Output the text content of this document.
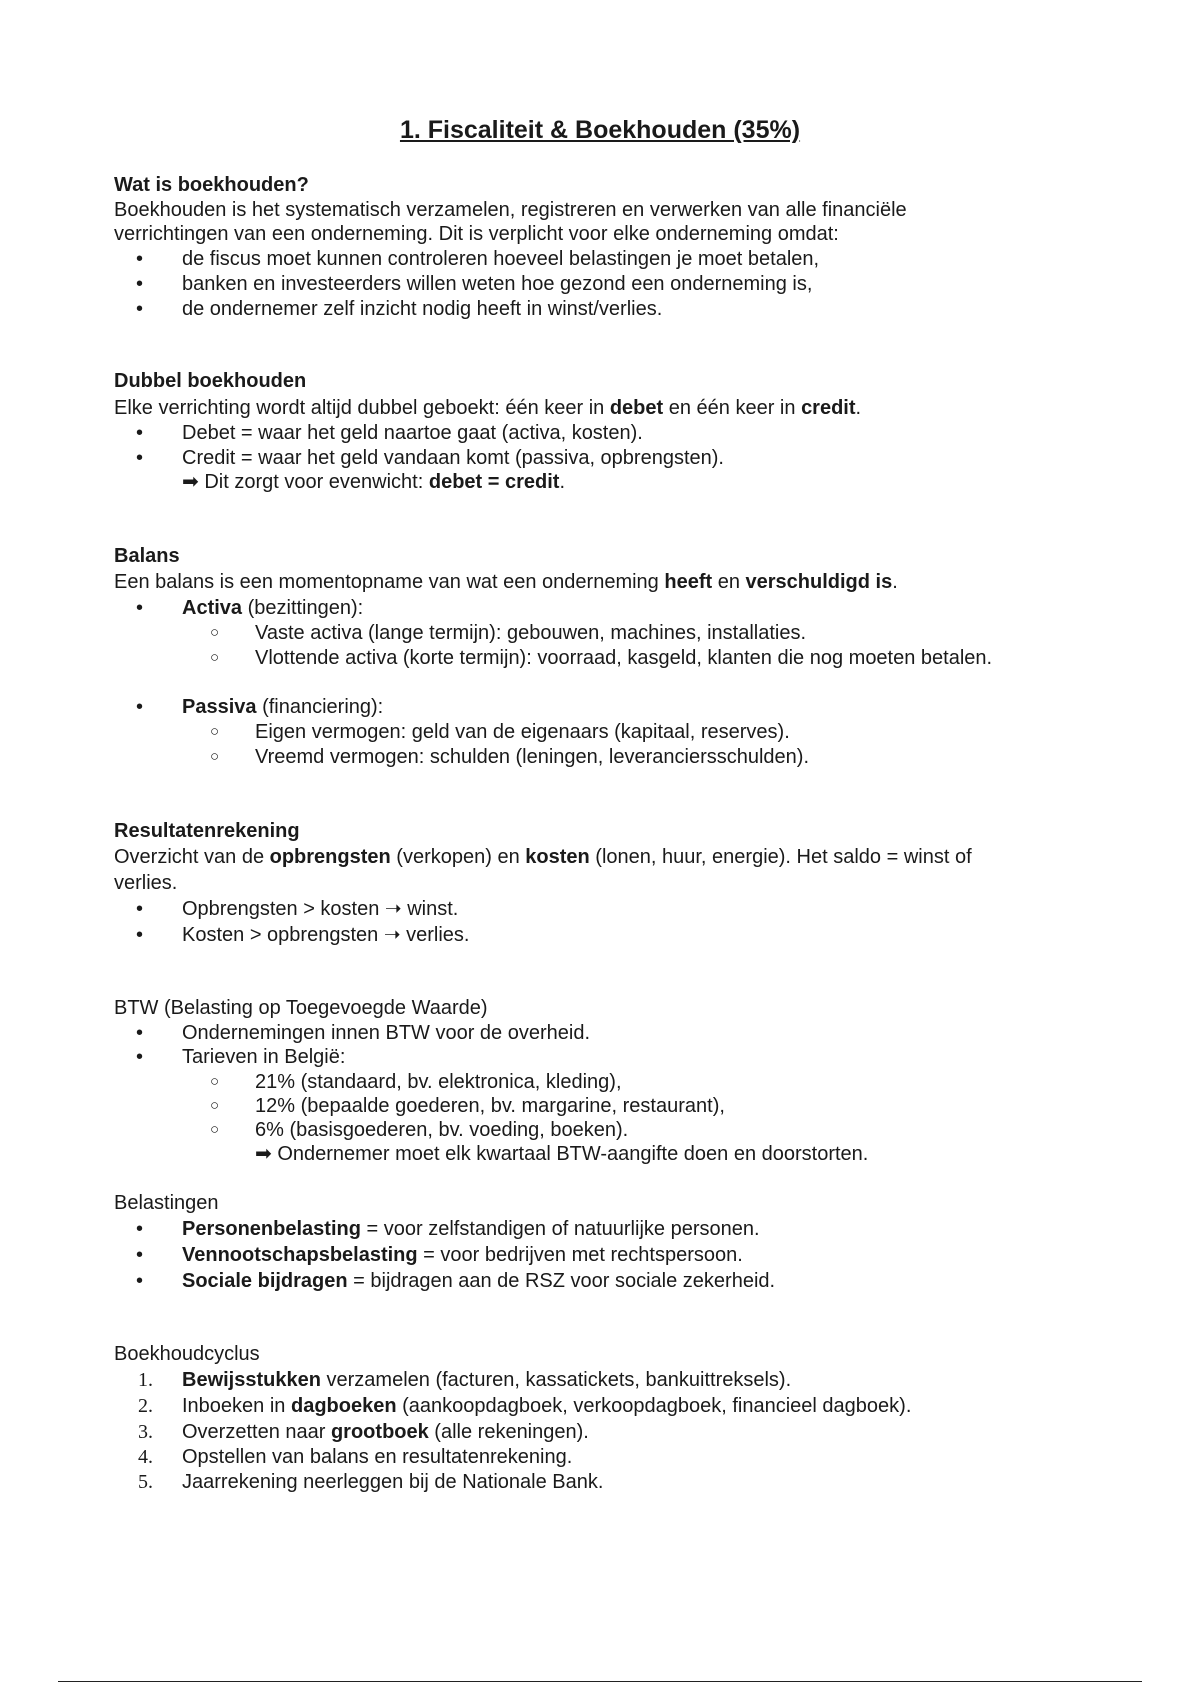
1. Fiscaliteit & Boekhouden (35%)
Wat is boekhouden?
Boekhouden is het systematisch verzamelen, registreren en verwerken van alle financiële
verrichtingen van een onderneming. Dit is verplicht voor elke onderneming omdat:
• de fiscus moet kunnen controleren hoeveel belastingen je moet betalen,
• banken en investeerders willen weten hoe gezond een onderneming is,
• de ondernemer zelf inzicht nodig heeft in winst/verlies.
Dubbel boekhouden
Elke verrichting wordt altijd dubbel geboekt: één keer in debet en één keer in credit.
• Debet = waar het geld naartoe gaat (activa, kosten).
• Credit = waar het geld vandaan komt (passiva, opbrengsten).
➡ Dit zorgt voor evenwicht: debet = credit.
Balans
Een balans is een momentopname van wat een onderneming heeft en verschuldigd is.
• Activa (bezittingen):
○ Vaste activa (lange termijn): gebouwen, machines, installaties.
○ Vlottende activa (korte termijn): voorraad, kasgeld, klanten die nog moeten betalen.
• Passiva (financiering):
○ Eigen vermogen: geld van de eigenaars (kapitaal, reserves).
○ Vreemd vermogen: schulden (leningen, leveranciersschulden).
Resultatenrekening
Overzicht van de opbrengsten (verkopen) en kosten (lonen, huur, energie). Het saldo = winst of
verlies.
• Opbrengsten > kosten ➝ winst.
• Kosten > opbrengsten ➝ verlies.
BTW (Belasting op Toegevoegde Waarde)
• Ondernemingen innen BTW voor de overheid.
• Tarieven in België:
○ 21% (standaard, bv. elektronica, kleding),
○ 12% (bepaalde goederen, bv. margarine, restaurant),
○ 6% (basisgoederen, bv. voeding, boeken).
➡ Ondernemer moet elk kwartaal BTW-aangifte doen en doorstorten.
Belastingen
• Personenbelasting = voor zelfstandigen of natuurlijke personen.
• Vennootschapsbelasting = voor bedrijven met rechtspersoon.
• Sociale bijdragen = bijdragen aan de RSZ voor sociale zekerheid.
Boekhoudcyclus
1. Bewijsstukken verzamelen (facturen, kassatickets, bankuittreksels).
2. Inboeken in dagboeken (aankoopdagboek, verkoopdagboek, financieel dagboek).
3. Overzetten naar grootboek (alle rekeningen).
4. Opstellen van balans en resultatenrekening.
5. Jaarrekening neerleggen bij de Nationale Bank.
